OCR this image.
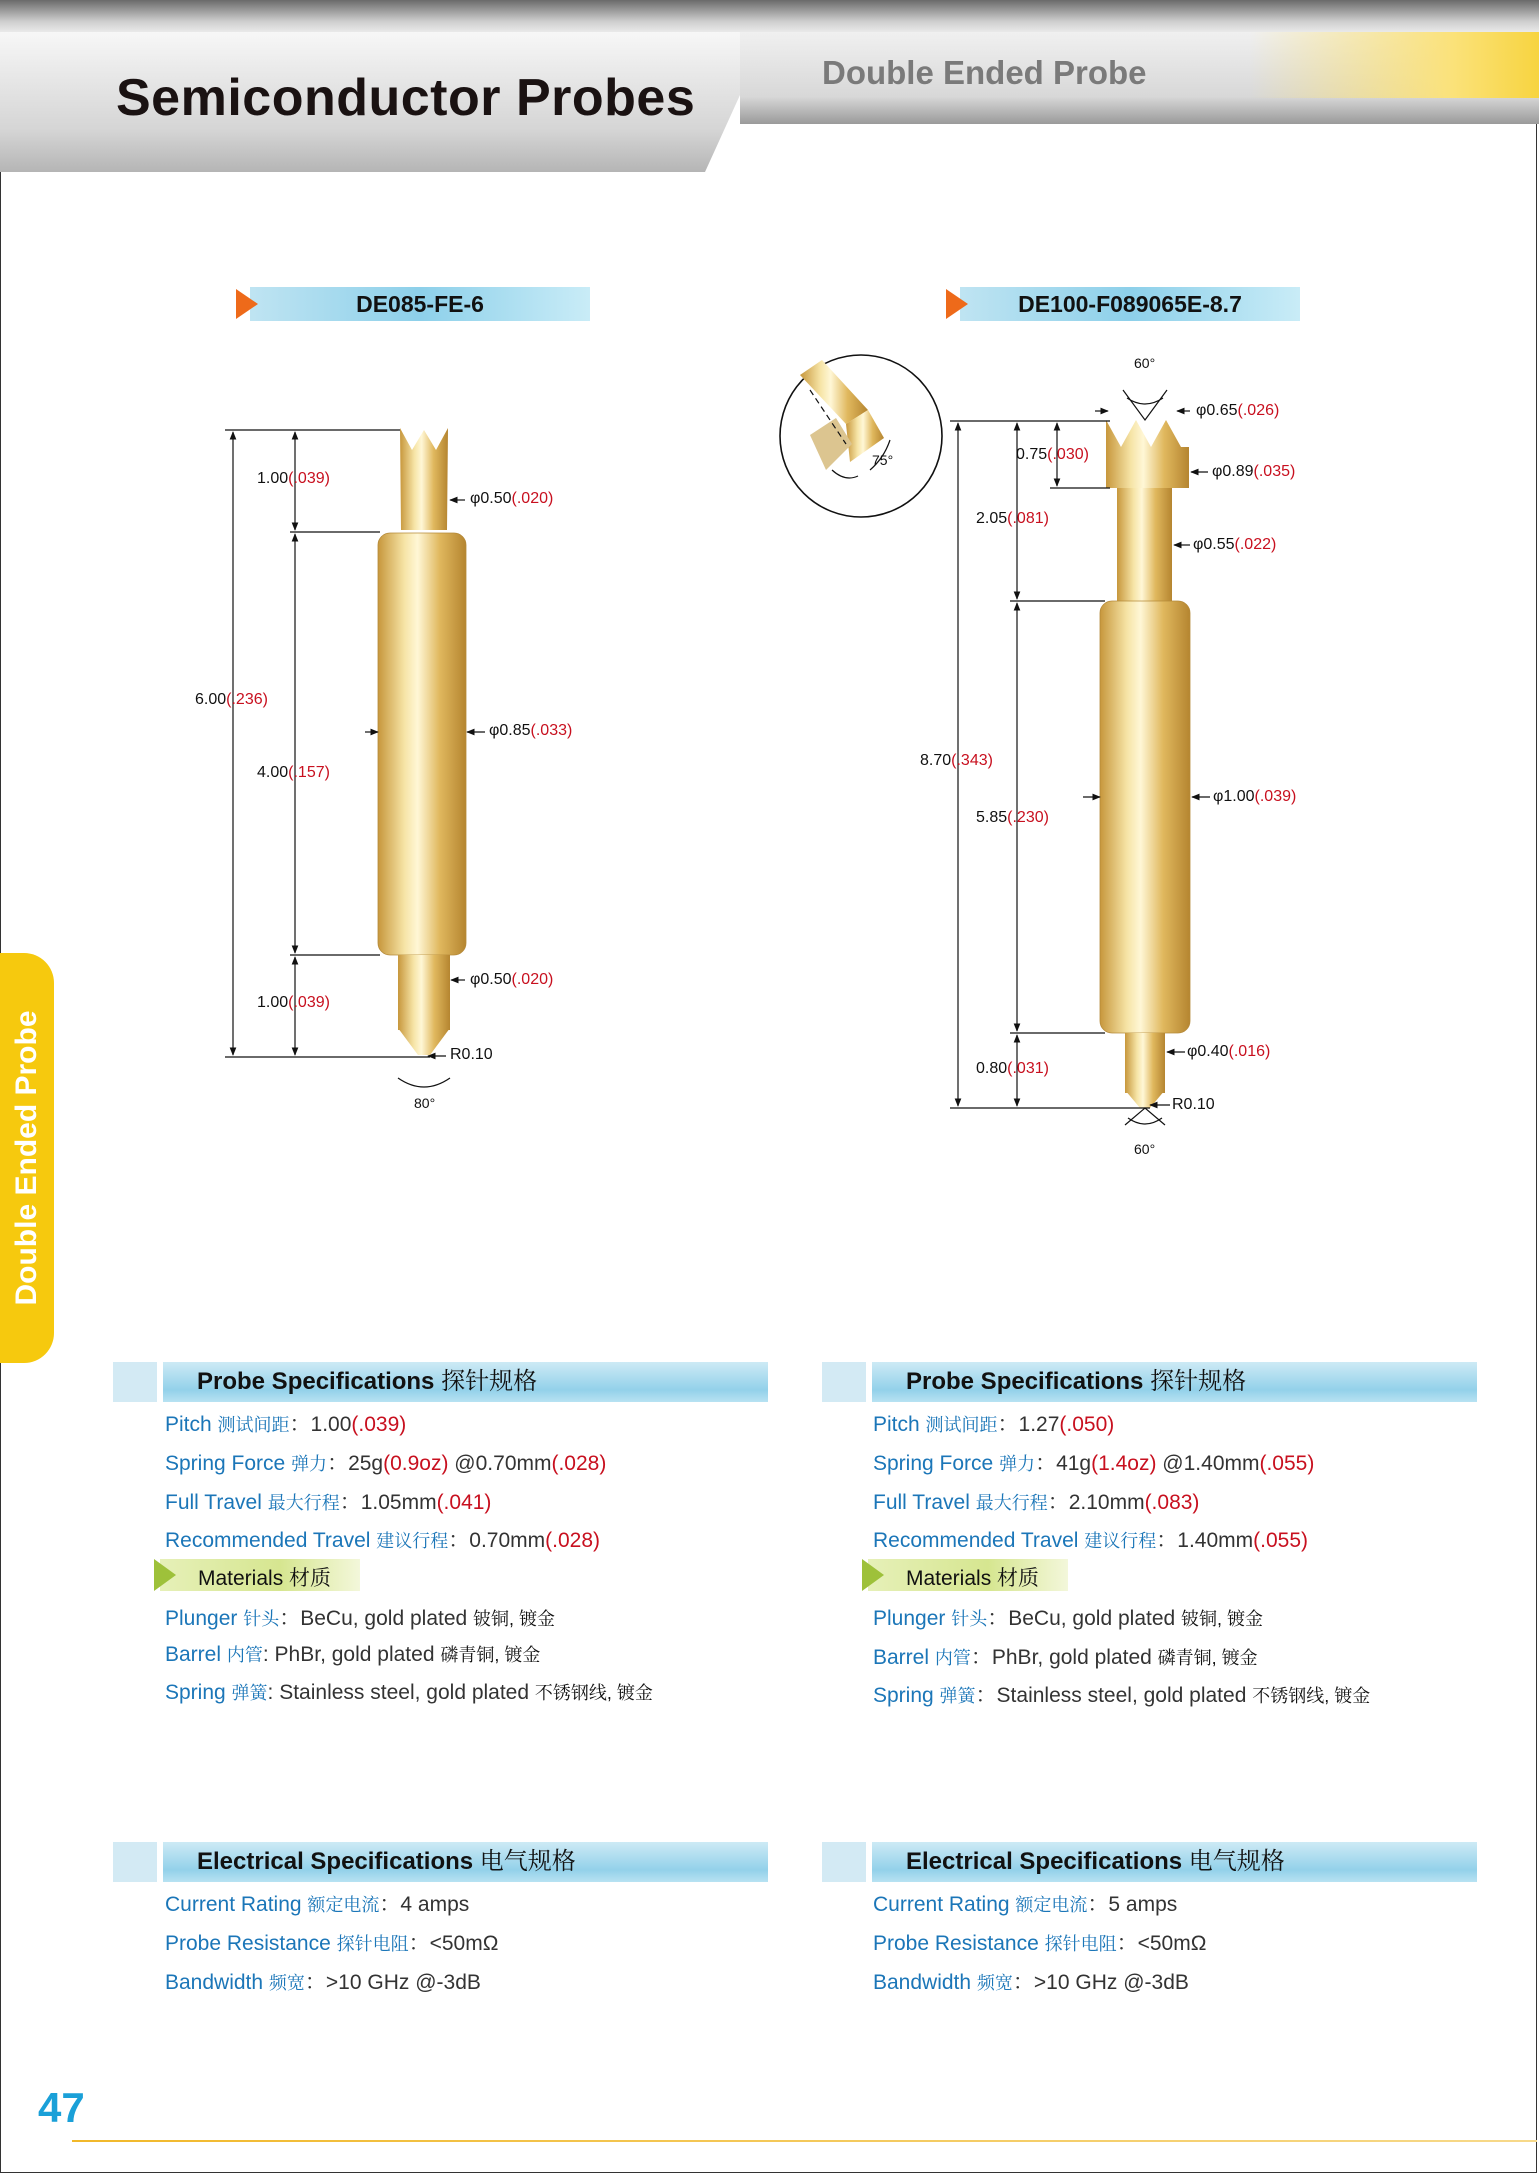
Semiconductor Probes	Double Ended Probe
Double Ended Probe
DE085-FE-6	DE100-F089065E-8.7
1.00(.039)
6.00(.236)
4.00(.157)
1.00(.039)
φ0.50(.020)
φ0.85(.033)
φ0.50(.020)
R0.10
80°
60°
75°
φ0.65(.026)
0.75(.030)
φ0.89(.035)
2.05(.081)
φ0.55(.022)
8.70(.343)
5.85(.230)
φ1.00(.039)
φ0.40(.016)
0.80(.031)
R0.10
60°
Probe Specifications 探针规格
Pitch 测试间距：1.00(.039)
Spring Force 弹力：25g(0.9oz) @0.70mm(.028)
Full Travel 最大行程：1.05mm(.041)
Recommended Travel 建议行程：0.70mm(.028)
Materials 材质
Plunger 针头：BeCu, gold plated 铍铜, 镀金
Barrel 内管: PhBr, gold plated 磷青铜, 镀金
Spring 弹簧: Stainless steel, gold plated 不锈钢线, 镀金
Electrical Specifications 电气规格
Current Rating 额定电流：4 amps
Probe Resistance 探针电阻：<50mΩ
Bandwidth 频宽：>10 GHz @-3dB
Probe Specifications 探针规格
Pitch 测试间距：1.27(.050)
Spring Force 弹力：41g(1.4oz) @1.40mm(.055)
Full Travel 最大行程：2.10mm(.083)
Recommended Travel 建议行程：1.40mm(.055)
Materials 材质
Plunger 针头：BeCu, gold plated 铍铜, 镀金
Barrel 内管：PhBr, gold plated 磷青铜, 镀金
Spring 弹簧：Stainless steel, gold plated 不锈钢线, 镀金
Electrical Specifications 电气规格
Current Rating 额定电流：5 amps
Probe Resistance 探针电阻：<50mΩ
Bandwidth 频宽：>10 GHz @-3dB
47
